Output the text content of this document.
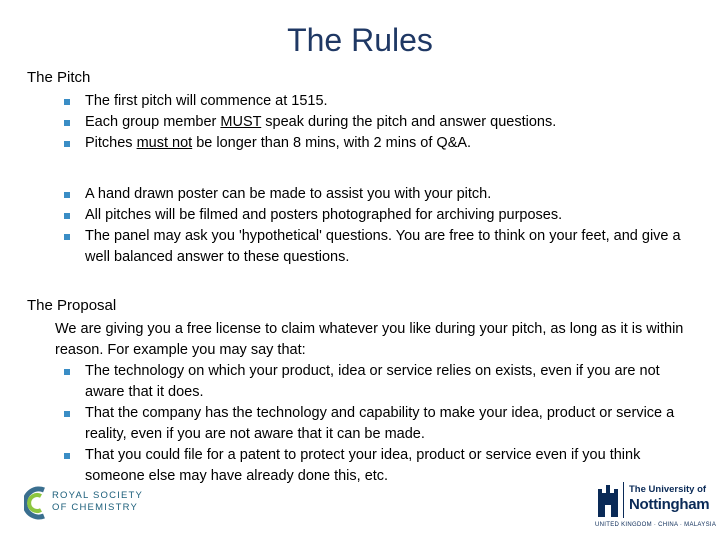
The Rules
The Pitch
The first pitch will commence at 1515.
Each group member MUST speak during the pitch and answer questions.
Pitches must not be longer than 8 mins, with 2 mins of Q&A.
A hand drawn poster can be made to assist you with your pitch.
All pitches will be filmed and posters photographed for archiving purposes.
The panel may ask you 'hypothetical' questions. You are free to think on your feet, and give a well balanced answer to these questions.
The Proposal
We are giving you a free license to claim whatever you like during your pitch, as long as it is within reason. For example you may say that:
The technology on which your product, idea or service relies on exists, even if you are not aware that it does.
That the company has the technology and capability to make your idea, product or service a reality, even if you are not aware that it can be made.
That you could file for a patent to protect your idea, product or service even if you think someone else may have already done this, etc.
ROYAL SOCIETY
OF CHEMISTRY
The University of
Nottingham
UNITED KINGDOM · CHINA · MALAYSIA
